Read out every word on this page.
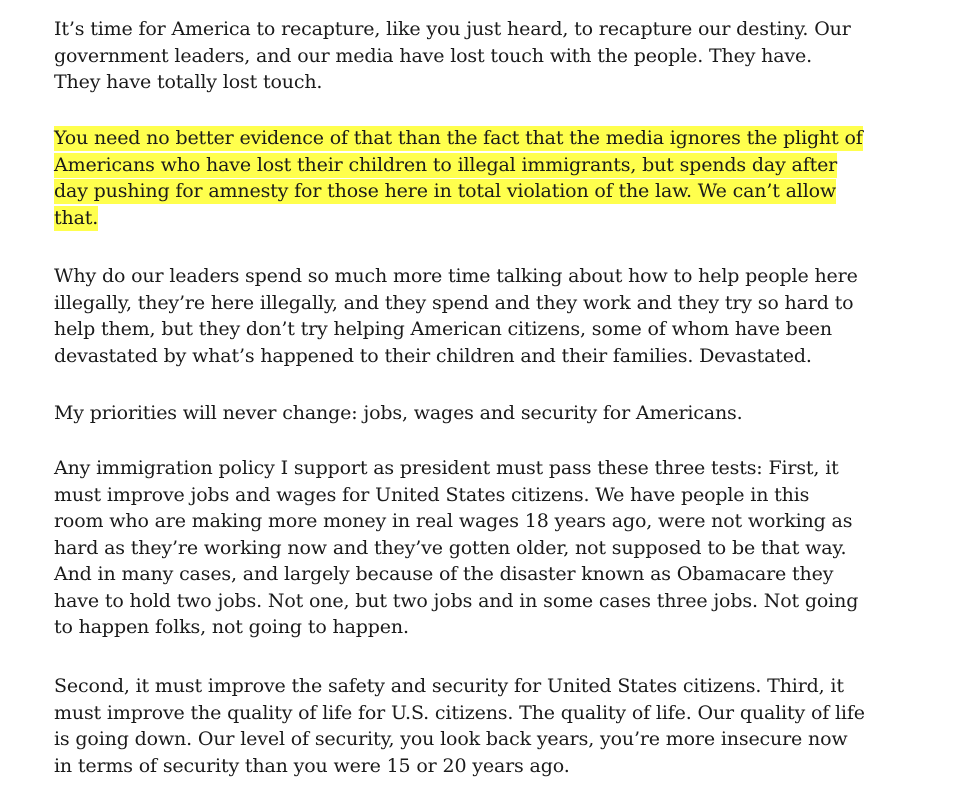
It’s time for America to recapture, like you just heard, to recapture our destiny. Our
government leaders, and our media have lost touch with the people. They have.
They have totally lost touch.

You need no better evidence of that than the fact that the media ignores the plight of
Americans who have lost their children to illegal immigrants, but spends day after
day pushing for amnesty for those here in total violation of the law. We can’t allow
that.

Why do our leaders spend so much more time talking about how to help people here
illegally, they’re here illegally, and they spend and they work and they try so hard to
help them, but they don’t try helping American citizens, some of whom have been
devastated by what’s happened to their children and their families. Devastated.

My priorities will never change: jobs, wages and security for Americans.

Any immigration policy I support as president must pass these three tests: First, it
must improve jobs and wages for United States citizens. We have people in this
room who are making more money in real wages 18 years ago, were not working as
hard as they’re working now and they’ve gotten older, not supposed to be that way.
And in many cases, and largely because of the disaster known as Obamacare they
have to hold two jobs. Not one, but two jobs and in some cases three jobs. Not going
to happen folks, not going to happen.

Second, it must improve the safety and security for United States citizens. Third, it
must improve the quality of life for U.S. citizens. The quality of life. Our quality of life
is going down. Our level of security, you look back years, you’re more insecure now
in terms of security than you were 15 or 20 years ago.
